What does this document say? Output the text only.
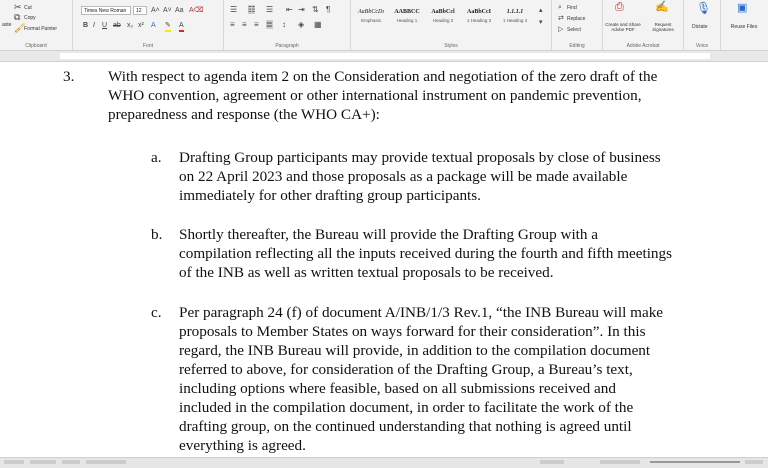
aste
✂ Cut
⧉ Copy
🖌
Format Painter
Clipboard
Times New Roman	12	A˄ A˅ Aa A⌫
B I U ab x₂ x² A ✎ A
Font
☰ ☷ ☰ ⇤ ⇥ ⇅ ¶
≡ ≡ ≡ ≣ ↕ ◈ ▦
Paragraph
AaBbCcDı
Emphasis
AABBCC
Heading 1
AaBbCcl
Heading 2
AaBbCcI
1 Heading 3
1.1.1.1
1 Heading 4
▴
▾
Styles
⌕ Find
⇄ Replace
▷ Select
Editing
⎙
Create and Share Adobe PDF
✍
Request Signatures
Adobe Acrobat
🎙
Dictate
Voice
▣
Reuse Files
3. With respect to agenda item 2 on the Consideration and negotiation of the zero draft of the
WHO convention, agreement or other international instrument on pandemic prevention,
preparedness and response (the WHO CA+):
a. Drafting Group participants may provide textual proposals by close of business
on 22 April 2023 and those proposals as a package will be made available
immediately for other drafting group participants.
b. Shortly thereafter, the Bureau will provide the Drafting Group with a
compilation reflecting all the inputs received during the fourth and fifth meetings
of the INB as well as written textual proposals to be received.
c. Per paragraph 24 (f) of document A/INB/1/3 Rev.1, “the INB Bureau will make
proposals to Member States on ways forward for their consideration”. In this
regard, the INB Bureau will provide, in addition to the compilation document
referred to above, for consideration of the Drafting Group, a Bureau’s text,
including options where feasible, based on all submissions received and
included in the compilation document, in order to facilitate the work of the
drafting group, on the continued understanding that nothing is agreed until
everything is agreed.
